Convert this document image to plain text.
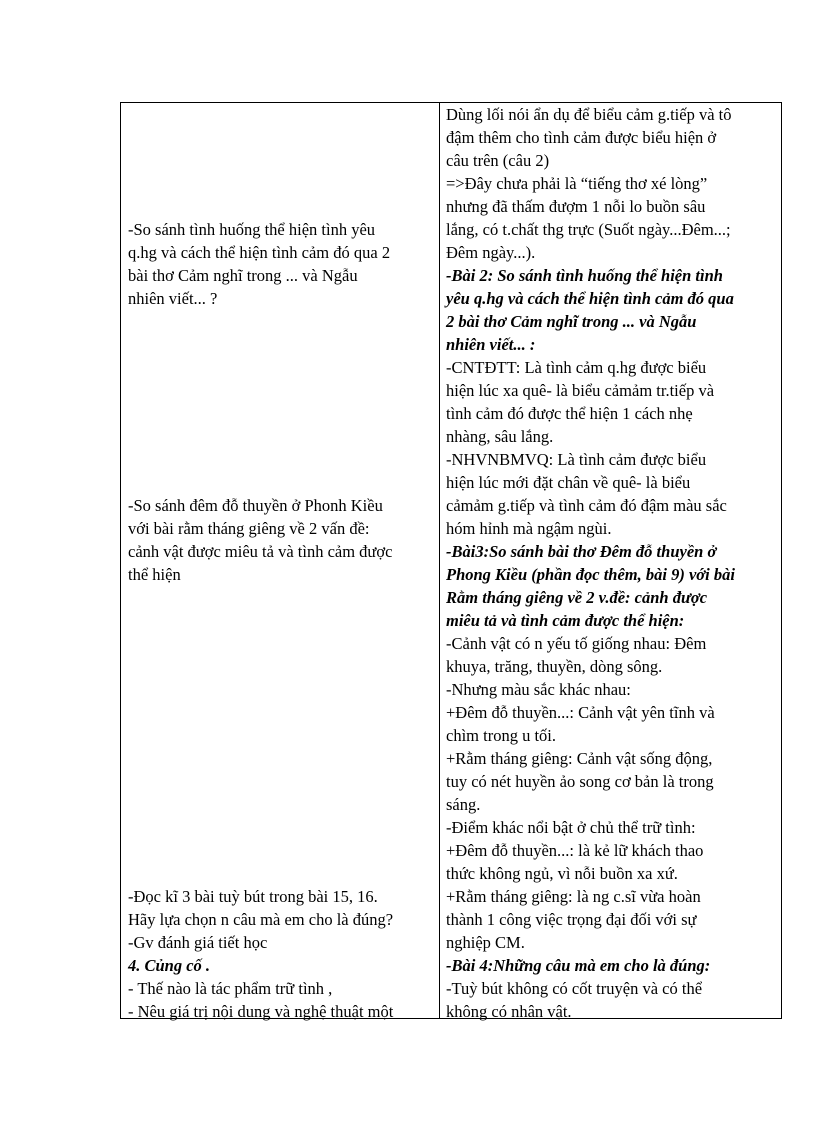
-So sánh tình huống thể hiện tình yêu
q.hg và cách thể hiện tình cảm đó qua 2
bài thơ Cảm nghĩ trong ... và Ngẫu
nhiên viết... ?
-So sánh đêm đỗ thuyền ở Phonh Kiều
với bài rằm tháng giêng về 2 vấn đề:
cảnh vật được miêu tả và tình cảm được
thể hiện
-Đọc kĩ 3 bài tuỳ bút trong bài 15, 16.
Hãy lựa chọn n câu mà em cho là đúng?
-Gv đánh giá tiết học
4. Củng cố .
- Thế nào là tác phẩm trữ tình ,
- Nêu giá trị nội dung và nghệ thuật một
Dùng lối nói ẩn dụ để biểu cảm g.tiếp và tô
đậm thêm cho tình cảm được biểu hiện ở
câu trên (câu 2)
=>Đây chưa phải là “tiếng thơ xé lòng”
nhưng đã thấm đượm 1 nỗi lo buồn sâu
lắng, có t.chất thg trực (Suốt ngày...Đêm...;
Đêm ngày...).
-Bài 2: So sánh tình huống thể hiện tình
yêu q.hg và cách thể hiện tình cảm đó qua
2 bài thơ Cảm nghĩ trong ... và Ngẫu
nhiên viết... :
-CNTĐTT: Là tình cảm q.hg được biểu
hiện lúc xa quê- là biểu cảmảm tr.tiếp và
tình cảm đó được thể hiện 1 cách nhẹ
nhàng, sâu lắng.
-NHVNBMVQ: Là tình cảm được biểu
hiện lúc mới đặt chân về quê- là biểu
cảmảm g.tiếp và tình cảm đó đậm màu sắc
hóm hỉnh mà ngậm ngùi.
-Bài3:So sánh bài thơ Đêm đỗ thuyền ở
Phong Kiều (phần đọc thêm, bài 9) với bài
Rằm tháng giêng về 2 v.đề: cảnh được
miêu tả và tình cảm được thể hiện:
-Cảnh vật có n yếu tố giống nhau: Đêm
khuya, trăng, thuyền, dòng sông.
-Nhưng màu sắc khác nhau:
+Đêm đỗ thuyền...: Cảnh vật yên tĩnh và
chìm trong u tối.
+Rằm tháng giêng: Cảnh vật sống động,
tuy có nét huyền ảo song cơ bản là trong
sáng.
-Điểm khác nổi bật ở chủ thể trữ tình:
+Đêm đỗ thuyền...: là kẻ lữ khách thao
thức không ngủ, vì nỗi buồn xa xứ.
+Rằm tháng giêng: là ng c.sĩ vừa hoàn
thành 1 công việc trọng đại đối với sự
nghiệp CM.
-Bài 4:Những câu mà em cho là đúng:
-Tuỳ bút không có cốt truyện và có thể
không có nhân vật.
